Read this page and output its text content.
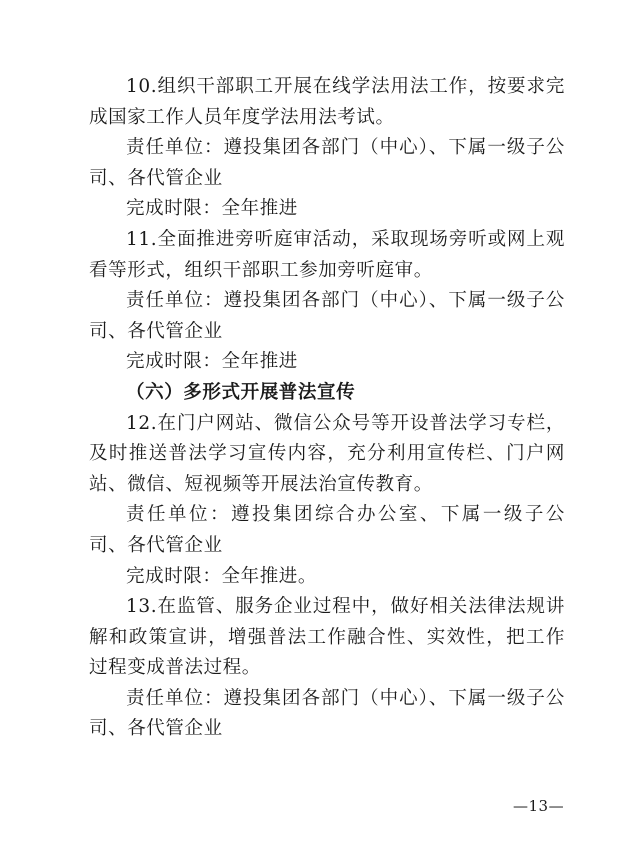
10.组织干部职工开展在线学法用法工作，按要求完成国家工作人员年度学法用法考试。

责任单位：遵投集团各部门（中心）、下属一级子公司、各代管企业

完成时限：全年推进

11.全面推进旁听庭审活动，采取现场旁听或网上观看等形式，组织干部职工参加旁听庭审。

责任单位：遵投集团各部门（中心）、下属一级子公司、各代管企业

完成时限：全年推进

（六）多形式开展普法宣传

12.在门户网站、微信公众号等开设普法学习专栏，及时推送普法学习宣传内容，充分利用宣传栏、门户网站、微信、短视频等开展法治宣传教育。

责任单位：遵投集团综合办公室、下属一级子公司、各代管企业

完成时限：全年推进。

13.在监管、服务企业过程中，做好相关法律法规讲解和政策宣讲，增强普法工作融合性、实效性，把工作过程变成普法过程。

责任单位：遵投集团各部门（中心）、下属一级子公司、各代管企业

—13—
